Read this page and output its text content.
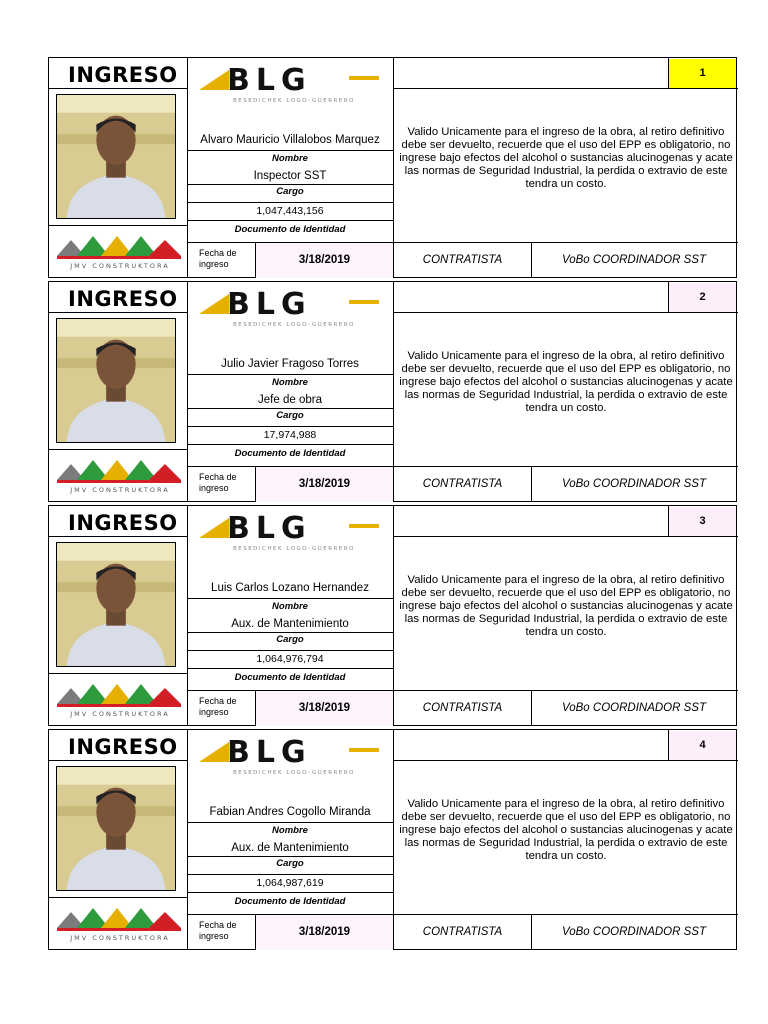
INGRESO	BLG
BESEDICHEK LOGO-GUERRERO
JMV CONSTRUKTORA
Alvaro Mauricio Villalobos Marquez
Nombre
Inspector SST
Cargo
1,047,443,156
Documento de Identidad
Valido Unicamente para el ingreso de la obra, al retiro definitivo debe ser devuelto, recuerde que el uso del EPP es obligatorio, no ingrese bajo efectos del alcohol o sustancias alucinogenas y acate las normas de Seguridad Industrial, la perdida o extravio de este tendra un costo.
1
Fecha de ingreso	3/18/2019	CONTRATISTA	VoBo COORDINADOR SST
INGRESO	BLG
BESEDICHEK LOGO-GUERRERO
JMV CONSTRUKTORA
Julio Javier Fragoso Torres
Nombre
Jefe de obra
Cargo
17,974,988
Documento de Identidad
Valido Unicamente para el ingreso de la obra, al retiro definitivo debe ser devuelto, recuerde que el uso del EPP es obligatorio, no ingrese bajo efectos del alcohol o sustancias alucinogenas y acate las normas de Seguridad Industrial, la perdida o extravio de este tendra un costo.
2
Fecha de ingreso	3/18/2019	CONTRATISTA	VoBo COORDINADOR SST
INGRESO	BLG
BESEDICHEK LOGO-GUERRERO
JMV CONSTRUKTORA
Luis Carlos Lozano Hernandez
Nombre
Aux. de Mantenimiento
Cargo
1,064,976,794
Documento de Identidad
Valido Unicamente para el ingreso de la obra, al retiro definitivo debe ser devuelto, recuerde que el uso del EPP es obligatorio, no ingrese bajo efectos del alcohol o sustancias alucinogenas y acate las normas de Seguridad Industrial, la perdida o extravio de este tendra un costo.
3
Fecha de ingreso	3/18/2019	CONTRATISTA	VoBo COORDINADOR SST
INGRESO	BLG
BESEDICHEK LOGO-GUERRERO
JMV CONSTRUKTORA
Fabian Andres Cogollo Miranda
Nombre
Aux. de Mantenimiento
Cargo
1,064,987,619
Documento de Identidad
Valido Unicamente para el ingreso de la obra, al retiro definitivo debe ser devuelto, recuerde que el uso del EPP es obligatorio, no ingrese bajo efectos del alcohol o sustancias alucinogenas y acate las normas de Seguridad Industrial, la perdida o extravio de este tendra un costo.
4
Fecha de ingreso	3/18/2019	CONTRATISTA	VoBo COORDINADOR SST
